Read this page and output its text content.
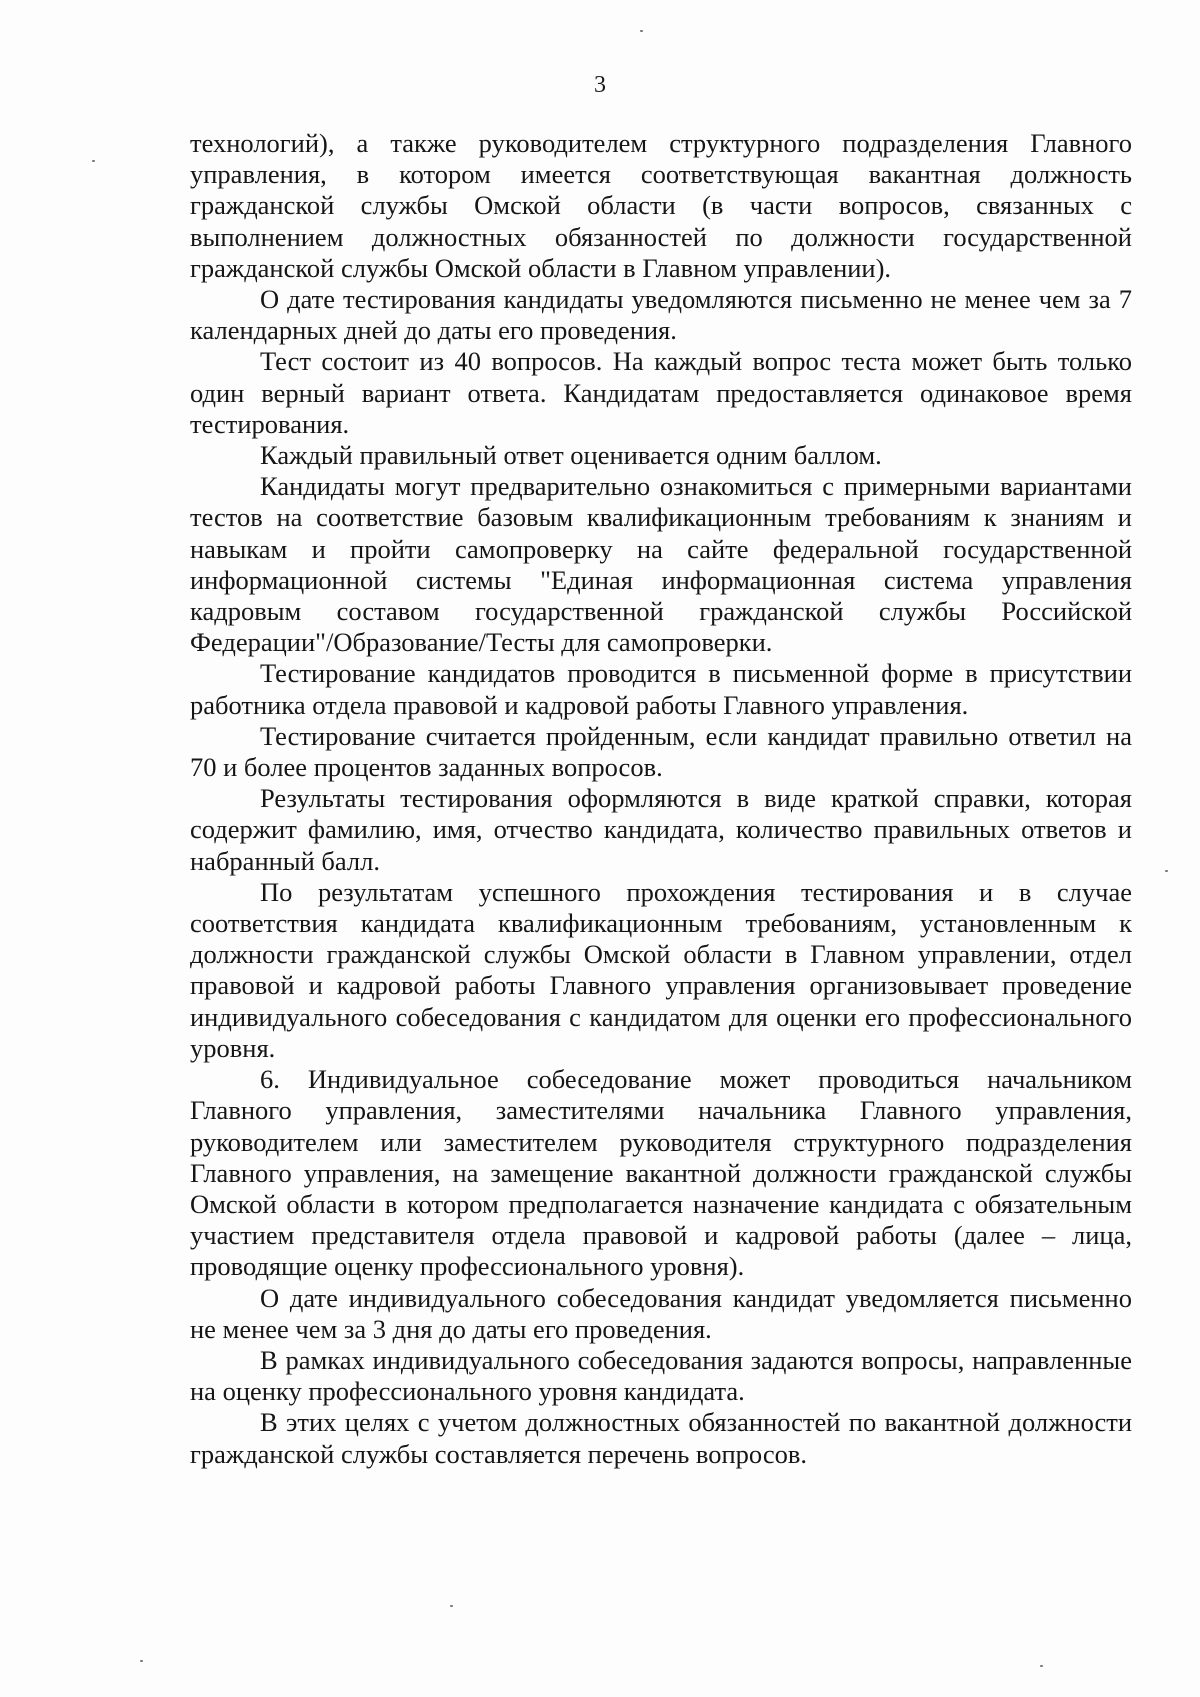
3

технологий), а также руководителем структурного подразделения Главного управления, в котором имеется соответствующая вакантная должность гражданской службы Омской области (в части вопросов, связанных с выполнением должностных обязанностей по должности государственной гражданской службы Омской области в Главном управлении).

О дате тестирования кандидаты уведомляются письменно не менее чем за 7 календарных дней до даты его проведения.

Тест состоит из 40 вопросов. На каждый вопрос теста может быть только один верный вариант ответа. Кандидатам предоставляется одинаковое время тестирования.

Каждый правильный ответ оценивается одним баллом.

Кандидаты могут предварительно ознакомиться с примерными вариантами тестов на соответствие базовым квалификационным требованиям к знаниям и навыкам и пройти самопроверку на сайте федеральной государственной информационной системы "Единая информационная система управления кадровым составом государственной гражданской службы Российской Федерации"/Образование/Тесты для самопроверки.

Тестирование кандидатов проводится в письменной форме в присутствии работника отдела правовой и кадровой работы Главного управления.

Тестирование считается пройденным, если кандидат правильно ответил на 70 и более процентов заданных вопросов.

Результаты тестирования оформляются в виде краткой справки, которая содержит фамилию, имя, отчество кандидата, количество правильных ответов и набранный балл.

По результатам успешного прохождения тестирования и в случае соответствия кандидата квалификационным требованиям, установленным к должности гражданской службы Омской области в Главном управлении, отдел правовой и кадровой работы Главного управления организовывает проведение индивидуального собеседования с кандидатом для оценки его профессионального уровня.

6. Индивидуальное собеседование может проводиться начальником Главного управления, заместителями начальника Главного управления, руководителем или заместителем руководителя структурного подразделения Главного управления, на замещение вакантной должности гражданской службы Омской области в котором предполагается назначение кандидата с обязательным участием представителя отдела правовой и кадровой работы (далее – лица, проводящие оценку профессионального уровня).

О дате индивидуального собеседования кандидат уведомляется письменно не менее чем за 3 дня до даты его проведения.

В рамках индивидуального собеседования задаются вопросы, направленные на оценку профессионального уровня кандидата.

В этих целях с учетом должностных обязанностей по вакантной должности гражданской службы составляется перечень вопросов.
